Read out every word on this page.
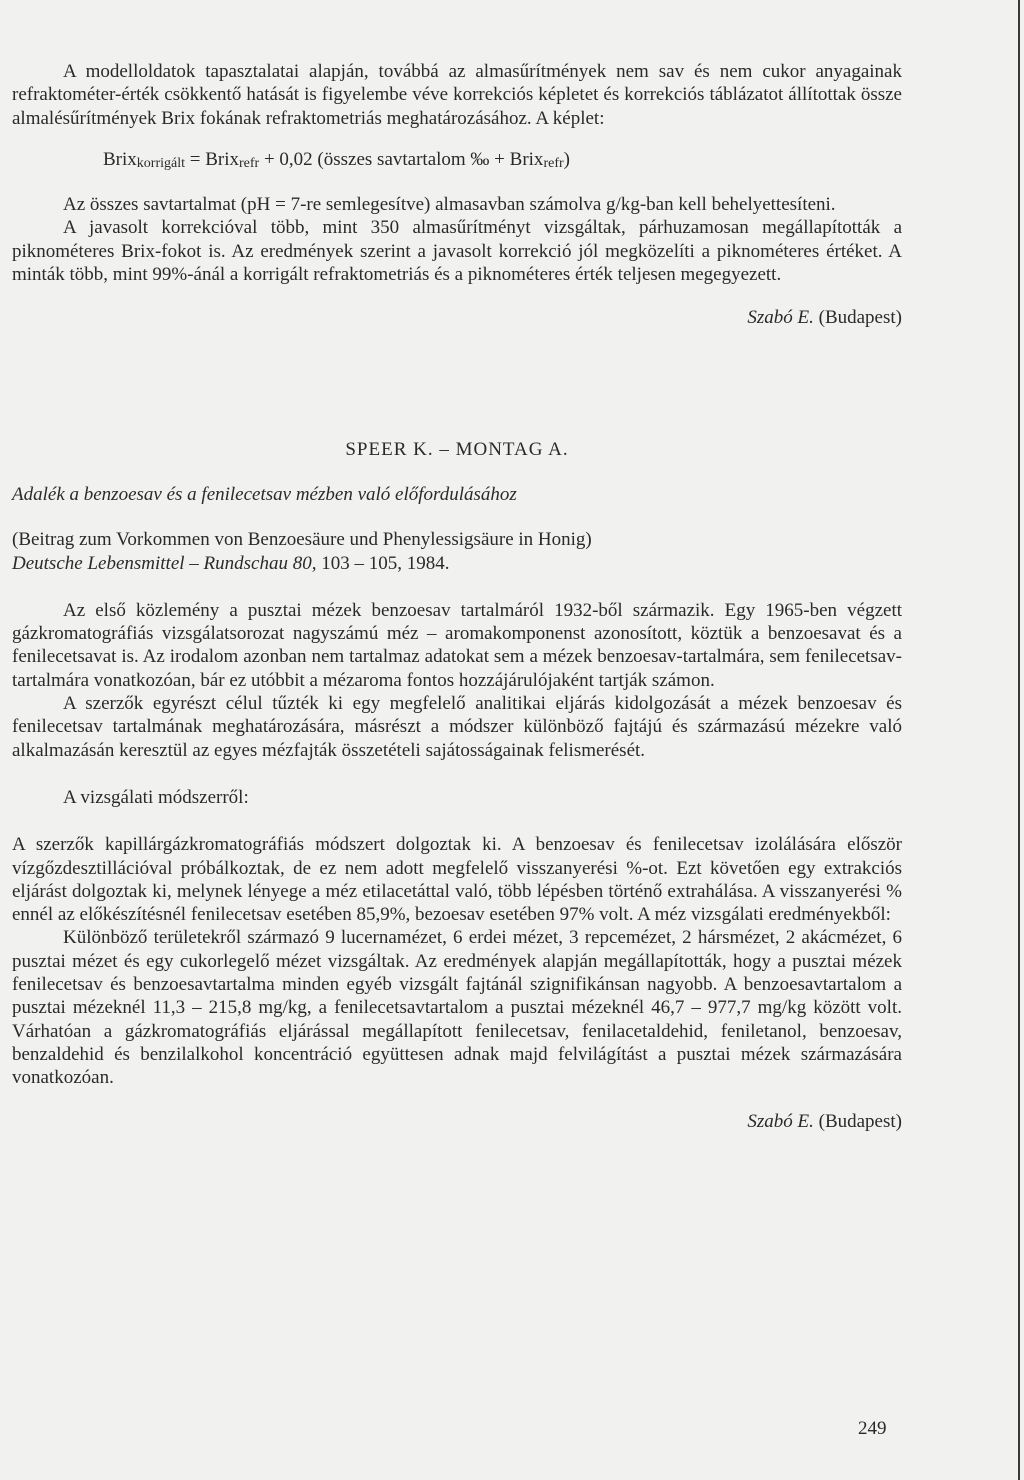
A modelloldatok tapasztalatai alapján, továbbá az almasűrítmények nem sav és nem cukor anyagainak refraktométer-érték csökkentő hatását is figyelembe véve korrekciós képletet és korrekciós táblázatot állítottak össze almalésűrítmények Brix fokának refraktometriás meghatározásához. A képlet:

Brixkorrigált = Brixrefr + 0,02 (összes savtartalom ‰ + Brixrefr)

Az összes savtartalmat (pH = 7-re semlegesítve) almasavban számolva g/kg-ban kell behelyettesíteni.

A javasolt korrekcióval több, mint 350 almasűrítményt vizsgáltak, párhuzamosan megállapították a piknométeres Brix-fokot is. Az eredmények szerint a javasolt korrekció jól megközelíti a piknométeres értéket. A minták több, mint 99%-ánál a korrigált refraktometriás és a piknométeres érték teljesen megegyezett.

Szabó E. (Budapest)

SPEER K. – MONTAG A.

Adalék a benzoesav és a fenilecetsav mézben való előfordulásához

(Beitrag zum Vorkommen von Benzoesäure und Phenylessigsäure in Honig)

Deutsche Lebensmittel – Rundschau 80, 103 – 105, 1984.

Az első közlemény a pusztai mézek benzoesav tartalmáról 1932-ből származik. Egy 1965-ben végzett gázkromatográfiás vizsgálatsorozat nagyszámú méz – aromakomponenst azonosított, köztük a benzoesavat és a fenilecetsavat is. Az irodalom azonban nem tartalmaz adatokat sem a mézek benzoesav-tartalmára, sem fenilecetsav-tartalmára vonatkozóan, bár ez utóbbit a mézaroma fontos hozzájárulójaként tartják számon.

A szerzők egyrészt célul tűzték ki egy megfelelő analitikai eljárás kidolgozását a mézek benzoesav és fenilecetsav tartalmának meghatározására, másrészt a módszer különböző fajtájú és származású mézekre való alkalmazásán keresztül az egyes mézfajták összetételi sajátosságainak felismerését.

A vizsgálati módszerről:

A szerzők kapillárgázkromatográfiás módszert dolgoztak ki. A benzoesav és fenilecetsav izolálására először vízgőzdesztillációval próbálkoztak, de ez nem adott megfelelő visszanyerési %-ot. Ezt követően egy extrakciós eljárást dolgoztak ki, melynek lényege a méz etilacetáttal való, több lépésben történő extrahálása. A visszanyerési % ennél az előkészítésnél fenilecetsav esetében 85,9%, bezoesav esetében 97% volt. A méz vizsgálati eredményekből:

Különböző területekről származó 9 lucernamézet, 6 erdei mézet, 3 repcemézet, 2 hársmézet, 2 akácmézet, 6 pusztai mézet és egy cukorlegelő mézet vizsgáltak. Az eredmények alapján megállapították, hogy a pusztai mézek fenilecetsav és benzoesavtartalma minden egyéb vizsgált fajtánál szignifikánsan nagyobb. A benzoesavtartalom a pusztai mézeknél 11,3 – 215,8 mg/kg, a fenilecetsavtartalom a pusztai mézeknél 46,7 – 977,7 mg/kg között volt. Várhatóan a gázkromatográfiás eljárással megállapított fenilecetsav, fenilacetaldehid, feniletanol, benzoesav, benzaldehid és benzilalkohol koncentráció együttesen adnak majd felvilágítást a pusztai mézek származására vonatkozóan.

Szabó E. (Budapest)

249
